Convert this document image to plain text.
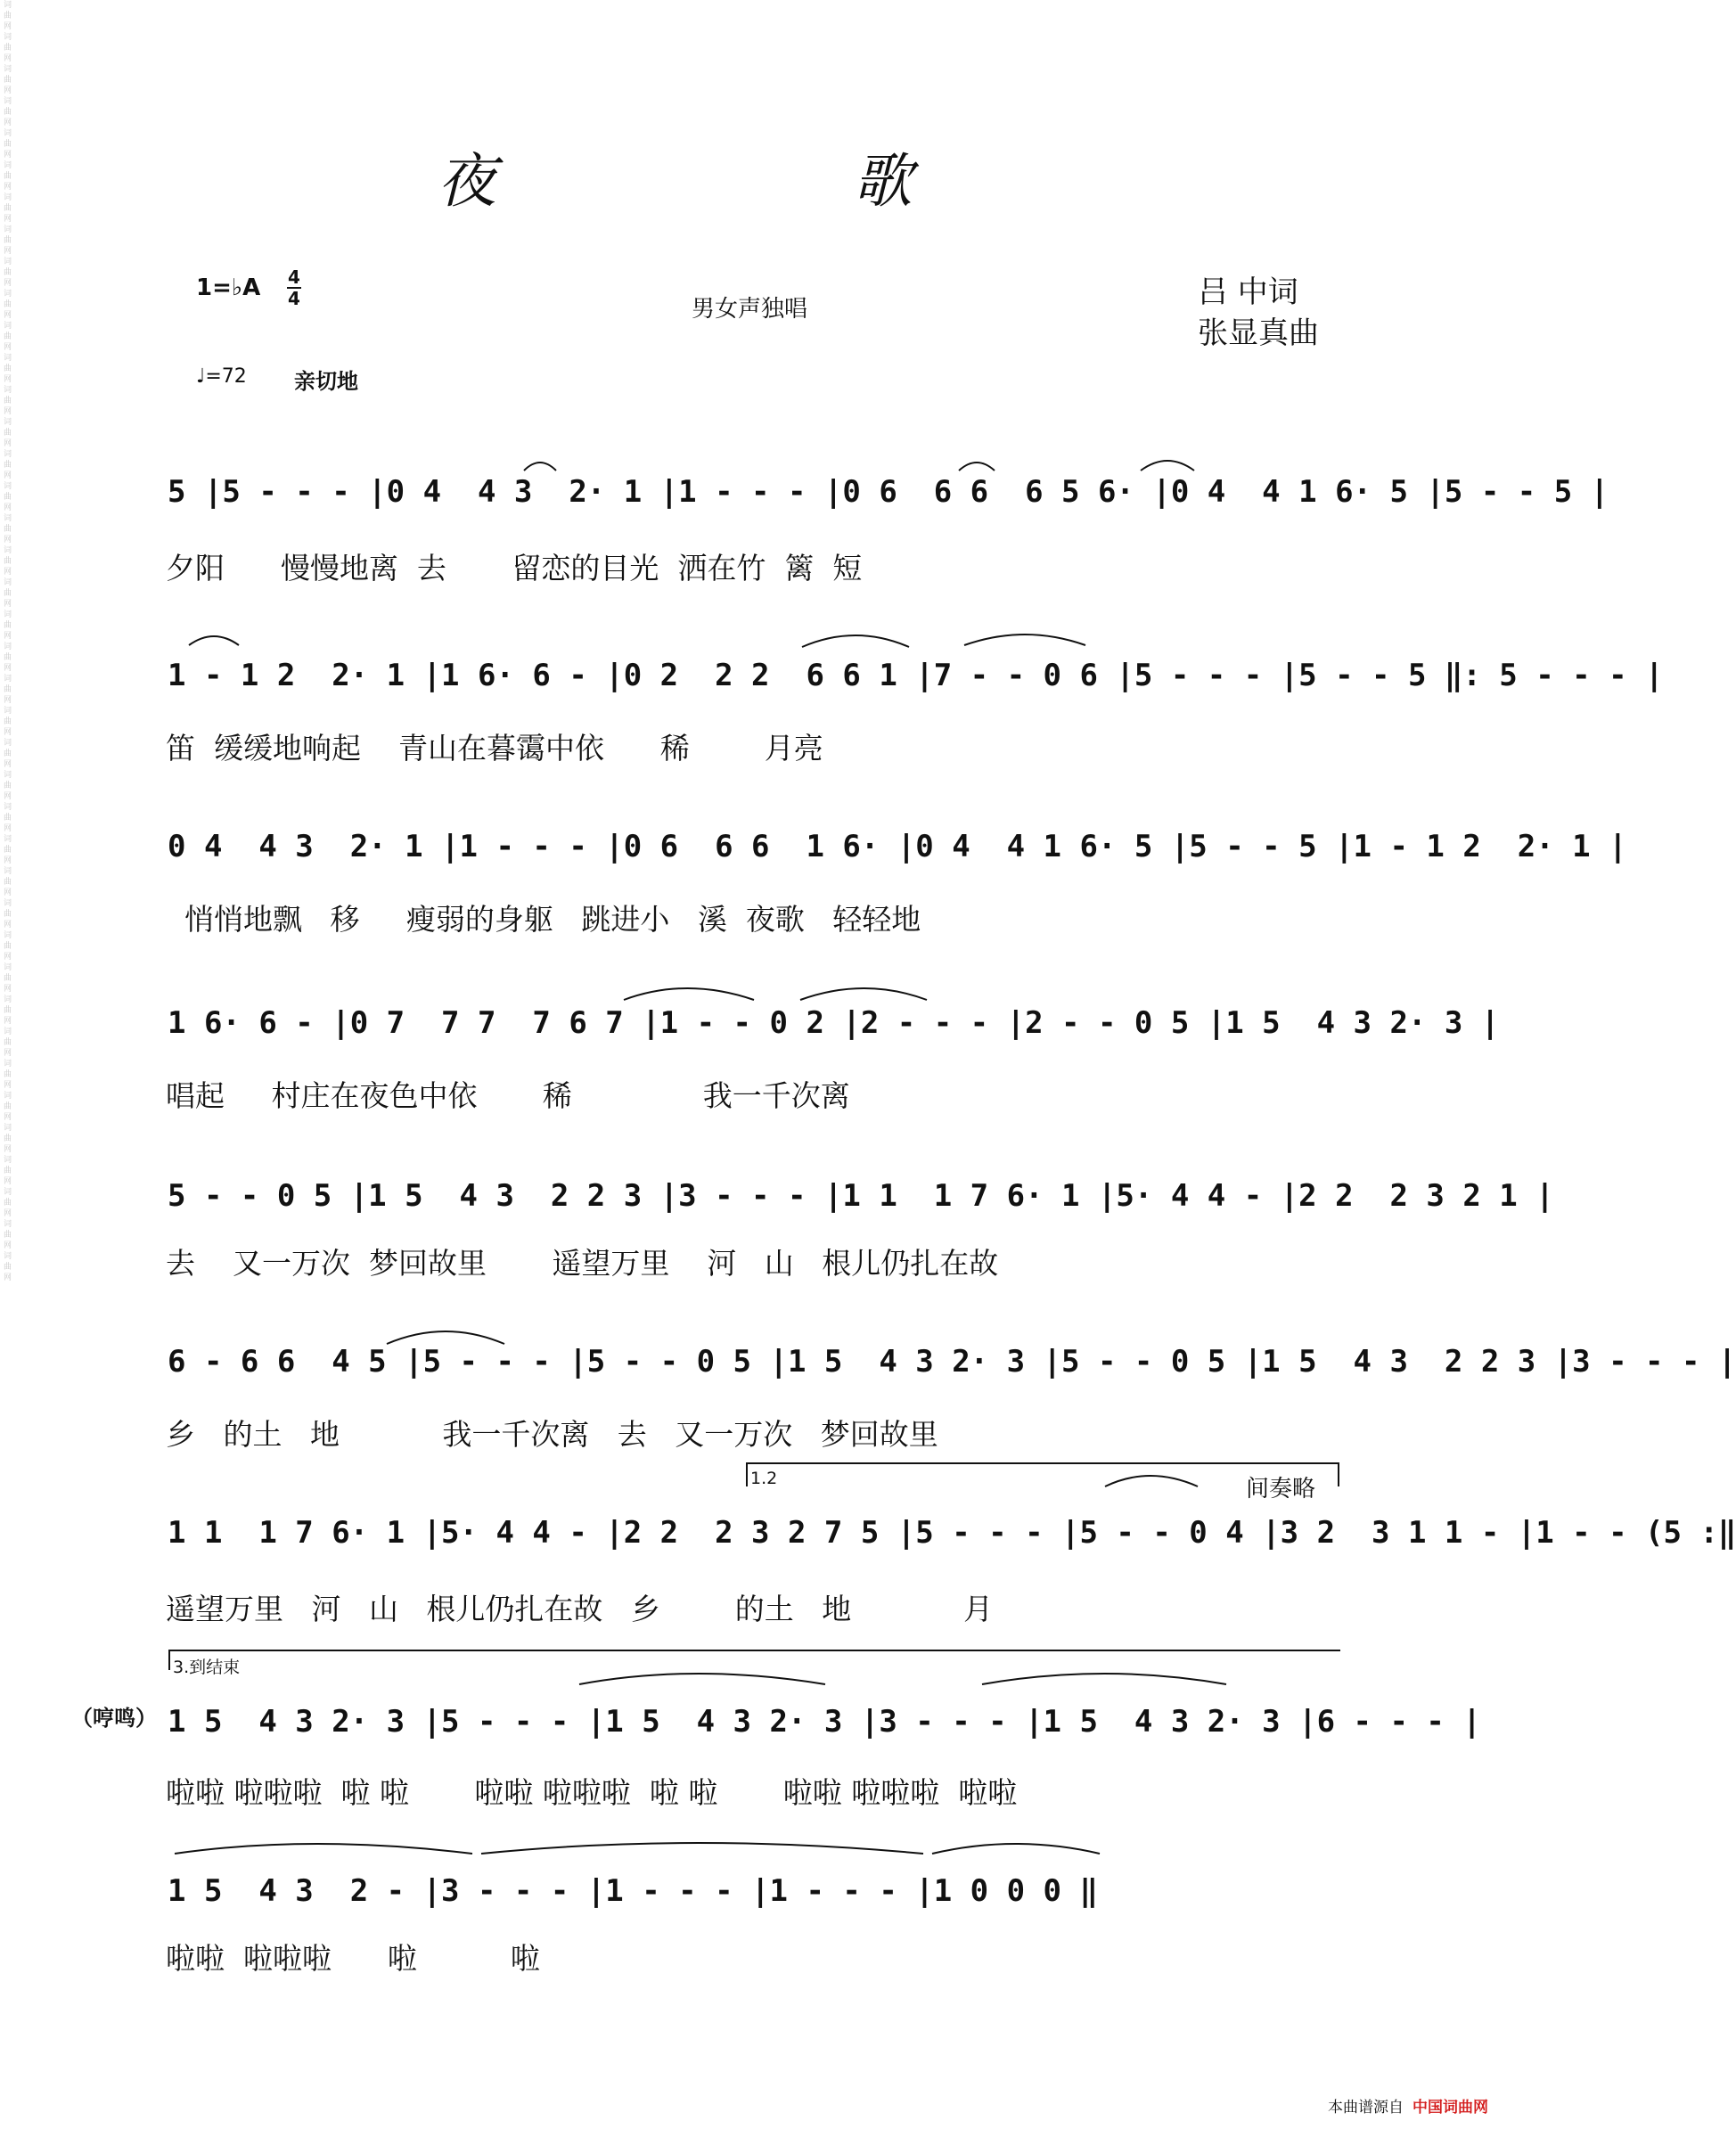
词曲网词曲网词曲网词曲网词曲网词曲网词曲网词曲网词曲网词曲网词曲网词曲网词曲网词曲网词曲网词曲网词曲网词曲网词曲网词曲网词曲网词曲网词曲网词曲网词曲网词曲网词曲网词曲网词曲网词曲网词曲网词曲网词曲网词曲网词曲网词曲网词曲网词曲网词曲网词曲网
夜 歌
1=♭A 4
4	男女声独唱	吕 中词
张显真曲
♩=72 亲切地
5 |5 - - - |0 4  4 3  2· 1 |1 - - - |0 6  6 6  6 5 6· |0 4  4 1 6· 5 |5 - - 5 |
夕阳      慢慢地离  去       留恋的目光  洒在竹  篱  短
1 - 1 2  2· 1 |1 6· 6 - |0 2  2 2  6 6 1 |7 - - 0 6 |5 - - - |5 - - 5 ‖: 5 - - - |
笛  缓缓地响起    青山在暮霭中依      稀        月亮
0 4  4 3  2· 1 |1 - - - |0 6  6 6  1 6· |0 4  4 1 6· 5 |5 - - 5 |1 - 1 2  2· 1 |
悄悄地飘   移     瘦弱的身躯   跳进小   溪  夜歌   轻轻地
1 6· 6 - |0 7  7 7  7 6 7 |1 - - 0 2 |2 - - - |2 - - 0 5 |1 5  4 3 2· 3 |
唱起     村庄在夜色中依       稀              我一千次离
5 - - 0 5 |1 5  4 3  2 2 3 |3 - - - |1 1  1 7 6· 1 |5· 4 4 - |2 2  2 3 2 1 |
去    又一万次  梦回故里       遥望万里    河   山   根儿仍扎在故
6 - 6 6  4 5 |5 - - - |5 - - 0 5 |1 5  4 3 2· 3 |5 - - 0 5 |1 5  4 3  2 2 3 |3 - - - |
乡   的土   地           我一千次离   去   又一万次   梦回故里
1.2	间奏略
1 1  1 7 6· 1 |5· 4 4 - |2 2  2 3 2 7 5 |5 - - - |5 - - 0 4 |3 2  3 1 1 - |1 - - (5 :‖
遥望万里   河   山   根儿仍扎在故   乡        的土   地            月
3.到结束
（哼鸣） 1 5  4 3 2· 3 |5 - - - |1 5  4 3 2· 3 |3 - - - |1 5  4 3 2· 3 |6 - - - |
啦啦 啦啦啦  啦 啦       啦啦 啦啦啦  啦 啦       啦啦 啦啦啦  啦啦
1 5  4 3  2 - |3 - - - |1 - - - |1 - - - |1 0 0 0 ‖
啦啦  啦啦啦      啦          啦
本曲谱源自 中国词曲网
